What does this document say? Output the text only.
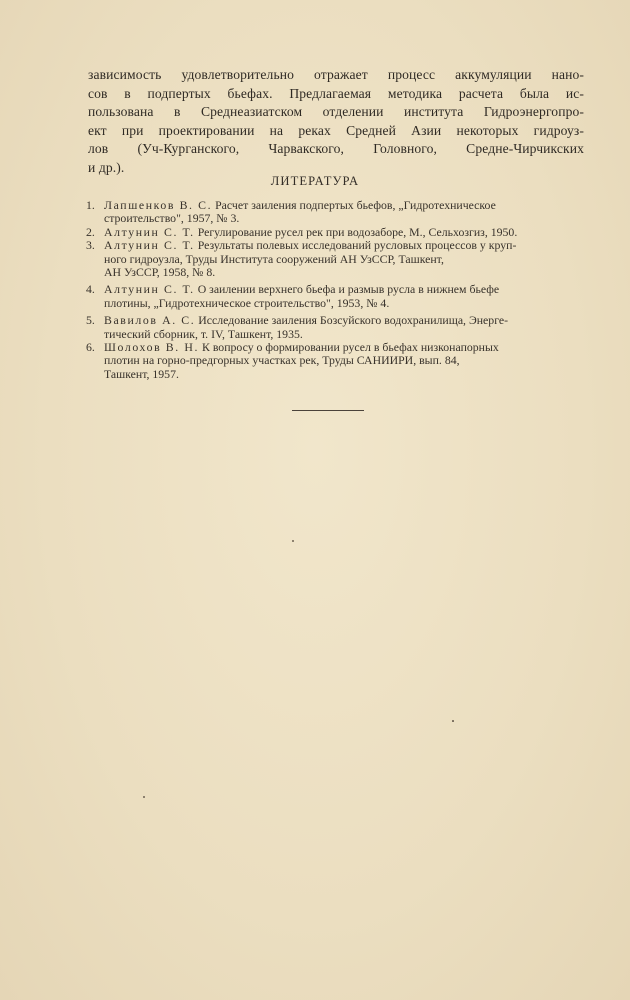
зависимость удовлетворительно отражает процесс аккумуляции нано-
сов в подпертых бьефах. Предлагаемая методика расчета была ис-
пользована в Среднеазиатском отделении института Гидроэнергопро-
ект при проектировании на реках Средней Азии некоторых гидроуз-
лов (Уч-Курганского, Чарвакского, Головного, Средне-Чирчикских
и др.).
ЛИТЕРАТУРА
1. Лапшенков В. С. Расчет заиления подпертых бьефов, „Гидротехническое
строительство", 1957, № 3.
2. Алтунин С. Т. Регулирование русел рек при водозаборе, М., Сельхозгиз, 1950.
3. Алтунин С. Т. Результаты полевых исследований русловых процессов у круп-
ного гидроузла, Труды Института сооружений АН УзССР, Ташкент,
АН УзССР, 1958, № 8.
4. Алтунин С. Т. О заилении верхнего бьефа и размыв русла в нижнем бьефе
плотины, „Гидротехническое строительство", 1953, № 4.
5. Вавилов А. С. Исследование заиления Бозсуйского водохранилища, Энерге-
тический сборник, т. IV, Ташкент, 1935.
6. Шолохов В. Н. К вопросу о формировании русел в бьефах низконапорных
плотин на горно-предгорных участках рек, Труды САНИИРИ, вып. 84,
Ташкент, 1957.
